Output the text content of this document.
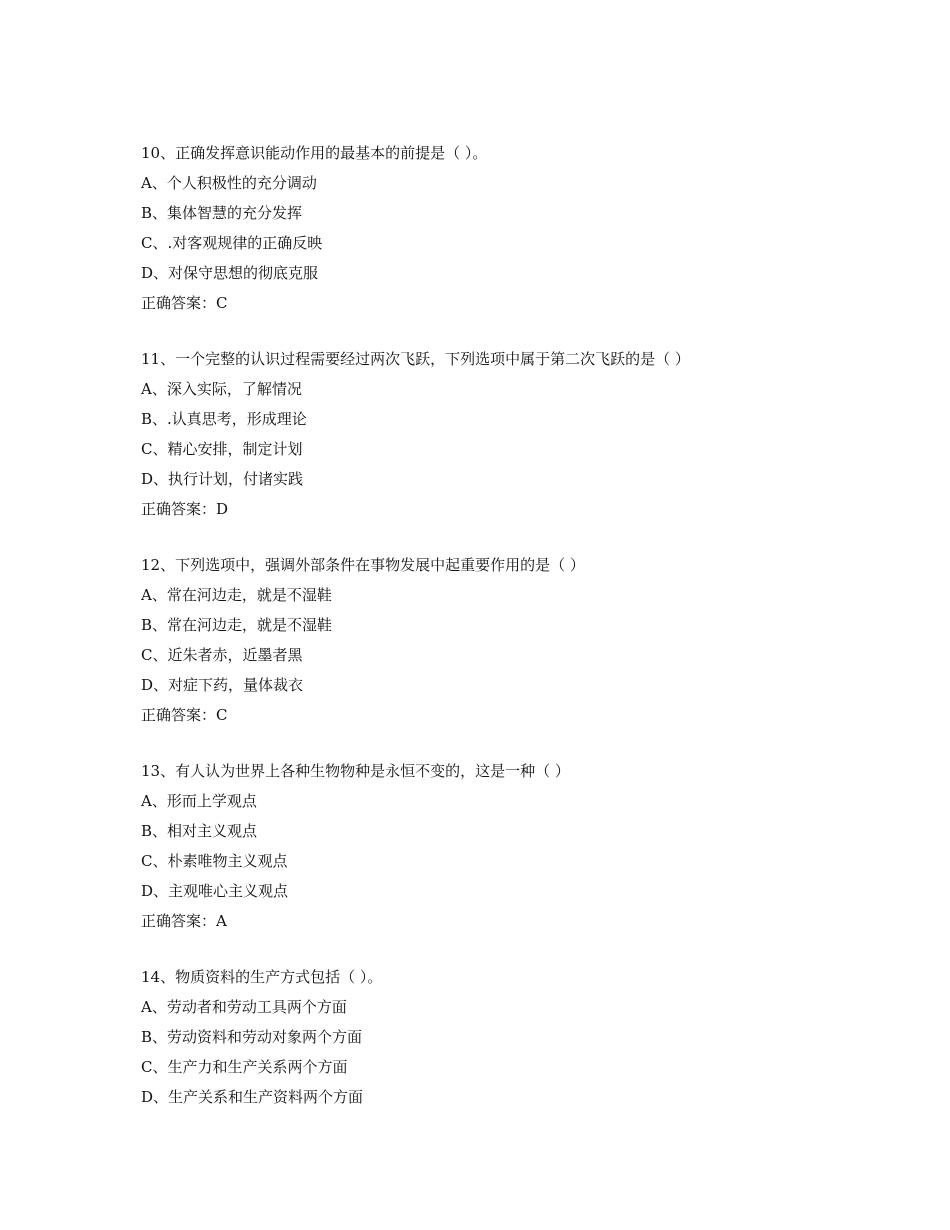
10、正确发挥意识能动作用的最基本的前提是（ ）。
A、个人积极性的充分调动
B、集体智慧的充分发挥
C、.对客观规律的正确反映
D、对保守思想的彻底克服
正确答案：C
11、一个完整的认识过程需要经过两次飞跃，下列选项中属于第二次飞跃的是（ ）
A、深入实际，了解情况
B、.认真思考，形成理论
C、精心安排，制定计划
D、执行计划，付诸实践
正确答案：D
12、下列选项中，强调外部条件在事物发展中起重要作用的是（ ）
A、常在河边走，就是不湿鞋
B、常在河边走，就是不湿鞋
C、近朱者赤，近墨者黑
D、对症下药，量体裁衣
正确答案：C
13、有人认为世界上各种生物物种是永恒不变的，这是一种（ ）
A、形而上学观点
B、相对主义观点
C、朴素唯物主义观点
D、主观唯心主义观点
正确答案：A
14、物质资料的生产方式包括（ ）。
A、劳动者和劳动工具两个方面
B、劳动资料和劳动对象两个方面
C、生产力和生产关系两个方面
D、生产关系和生产资料两个方面
